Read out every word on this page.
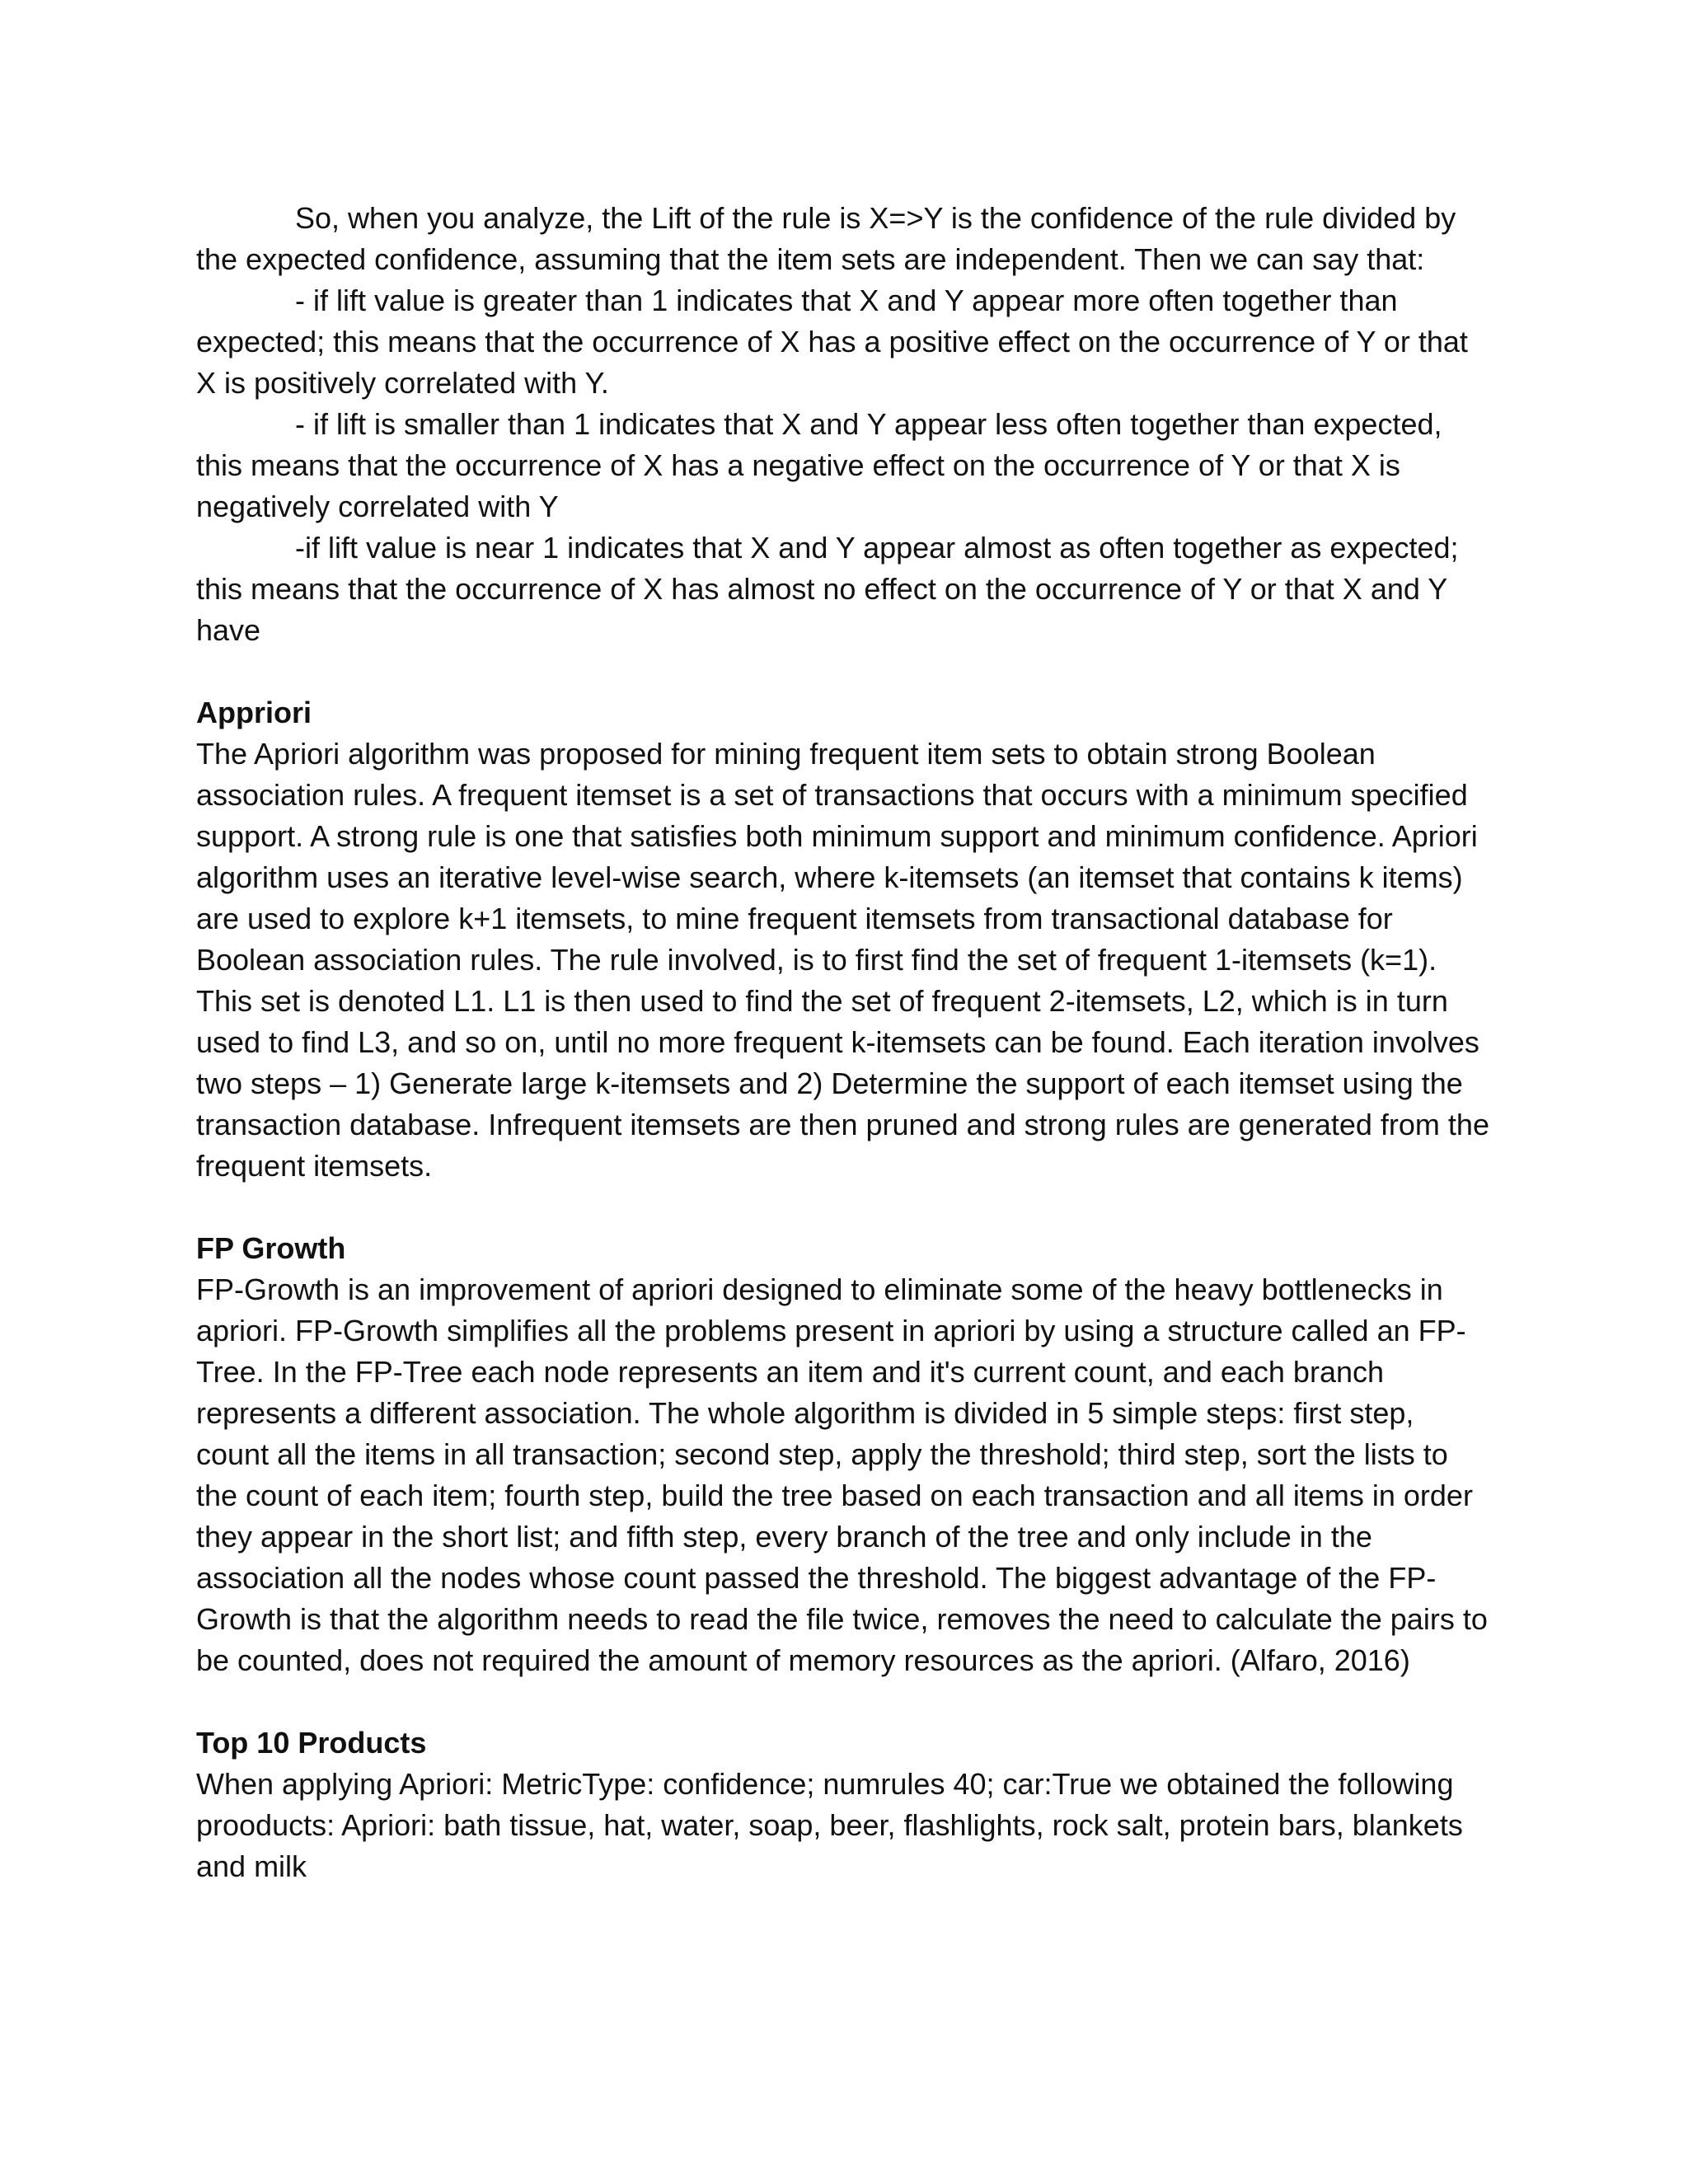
So, when you analyze, the Lift of the rule is X=>Y is the confidence of the rule divided by the expected confidence, assuming that the item sets are independent. Then we can say that:

- if lift value is greater than 1 indicates that X and Y appear more often together than expected; this means that the occurrence of X has a positive effect on the occurrence of Y or that X is positively correlated with Y.

- if lift is smaller than 1 indicates that X and Y appear less often together than expected, this means that the occurrence of X has a negative effect on the occurrence of Y or that X is negatively correlated with Y

-if lift value is near 1 indicates that X and Y appear almost as often together as expected; this means that the occurrence of X has almost no effect on the occurrence of Y or that X and Y have

Appriori

The Apriori algorithm was proposed for mining frequent item sets to obtain strong Boolean association rules. A frequent itemset is a set of transactions that occurs with a minimum specified support. A strong rule is one that satisfies both minimum support and minimum confidence. Apriori algorithm uses an iterative level-wise search, where k-itemsets (an itemset that contains k items) are used to explore k+1 itemsets, to mine frequent itemsets from transactional database for Boolean association rules. The rule involved, is to first find the set of frequent 1-itemsets (k=1). This set is denoted L1. L1 is then used to find the set of frequent 2-itemsets, L2, which is in turn used to find L3, and so on, until no more frequent k-itemsets can be found. Each iteration involves two steps – 1) Generate large k-itemsets and 2) Determine the support of each itemset using the transaction database. Infrequent itemsets are then pruned and strong rules are generated from the frequent itemsets.

FP Growth

FP-Growth is an improvement of apriori designed to eliminate some of the heavy bottlenecks in apriori. FP-Growth simplifies all the problems present in apriori by using a structure called an FP-Tree. In the FP-Tree each node represents an item and it's current count, and each branch represents a different association. The whole algorithm is divided in 5 simple steps: first step, count all the items in all transaction; second step, apply the threshold; third step, sort the lists to the count of each item; fourth step, build the tree based on each transaction and all items in order they appear in the short list; and fifth step, every branch of the tree and only include in the association all the nodes whose count passed the threshold. The biggest advantage of the FP-Growth is that the algorithm needs to read the file twice, removes the need to calculate the pairs to be counted, does not required the amount of memory resources as the apriori. (Alfaro, 2016)

Top 10 Products

When applying Apriori: MetricType: confidence; numrules 40; car:True we obtained the following prooducts: Apriori: bath tissue, hat, water, soap, beer, flashlights, rock salt, protein bars, blankets and milk
